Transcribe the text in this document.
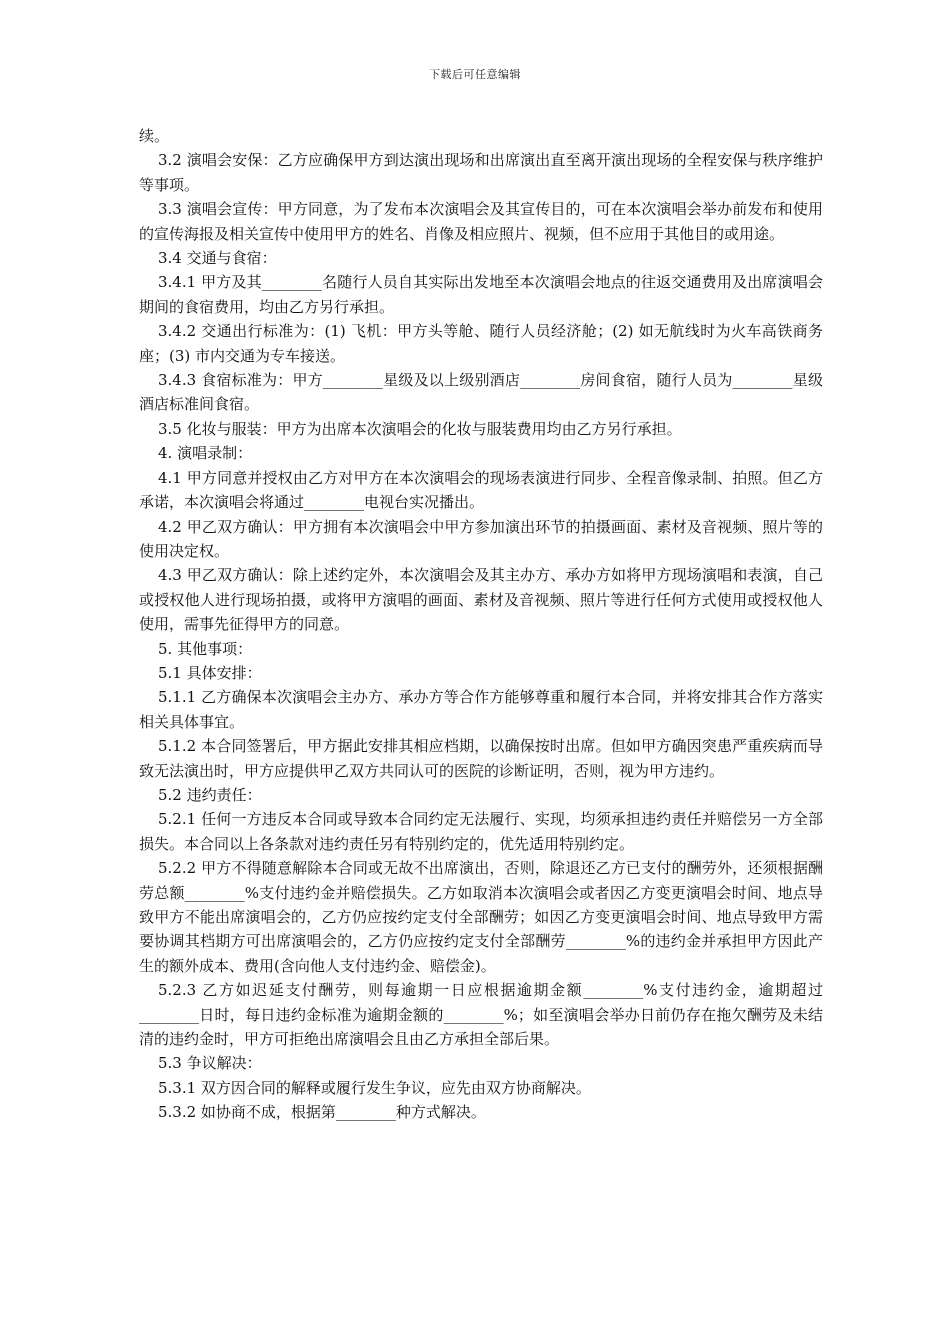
下载后可任意编辑

续。

3.2 演唱会安保：乙方应确保甲方到达演出现场和出席演出直至离开演出现场的全程安保与秩序维护等事项。

3.3 演唱会宣传：甲方同意，为了发布本次演唱会及其宣传目的，可在本次演唱会举办前发布和使用的宣传海报及相关宣传中使用甲方的姓名、肖像及相应照片、视频，但不应用于其他目的或用途。

3.4 交通与食宿：

3.4.1 甲方及其________名随行人员自其实际出发地至本次演唱会地点的往返交通费用及出席演唱会期间的食宿费用，均由乙方另行承担。

3.4.2 交通出行标准为：(1) 飞机：甲方头等舱、随行人员经济舱；(2) 如无航线时为火车高铁商务座；(3) 市内交通为专车接送。

3.4.3 食宿标准为：甲方________星级及以上级别酒店________房间食宿，随行人员为________星级酒店标准间食宿。

3.5 化妆与服装：甲方为出席本次演唱会的化妆与服装费用均由乙方另行承担。

4. 演唱录制：

4.1 甲方同意并授权由乙方对甲方在本次演唱会的现场表演进行同步、全程音像录制、拍照。但乙方承诺，本次演唱会将通过________电视台实况播出。

4.2 甲乙双方确认：甲方拥有本次演唱会中甲方参加演出环节的拍摄画面、素材及音视频、照片等的使用决定权。

4.3 甲乙双方确认：除上述约定外，本次演唱会及其主办方、承办方如将甲方现场演唱和表演，自己或授权他人进行现场拍摄，或将甲方演唱的画面、素材及音视频、照片等进行任何方式使用或授权他人使用，需事先征得甲方的同意。

5. 其他事项：

5.1 具体安排：

5.1.1 乙方确保本次演唱会主办方、承办方等合作方能够尊重和履行本合同，并将安排其合作方落实相关具体事宜。

5.1.2 本合同签署后，甲方据此安排其相应档期，以确保按时出席。但如甲方确因突患严重疾病而导致无法演出时，甲方应提供甲乙双方共同认可的医院的诊断证明，否则，视为甲方违约。

5.2 违约责任：

5.2.1 任何一方违反本合同或导致本合同约定无法履行、实现，均须承担违约责任并赔偿另一方全部损失。本合同以上各条款对违约责任另有特别约定的，优先适用特别约定。

5.2.2 甲方不得随意解除本合同或无故不出席演出，否则，除退还乙方已支付的酬劳外，还须根据酬劳总额________%支付违约金并赔偿损失。乙方如取消本次演唱会或者因乙方变更演唱会时间、地点导致甲方不能出席演唱会的，乙方仍应按约定支付全部酬劳；如因乙方变更演唱会时间、地点导致甲方需要协调其档期方可出席演唱会的，乙方仍应按约定支付全部酬劳________%的违约金并承担甲方因此产生的额外成本、费用(含向他人支付违约金、赔偿金)。

5.2.3 乙方如迟延支付酬劳，则每逾期一日应根据逾期金额________%支付违约金，逾期超过________日时，每日违约金标准为逾期金额的________%；如至演唱会举办日前仍存在拖欠酬劳及未结清的违约金时，甲方可拒绝出席演唱会且由乙方承担全部后果。

5.3 争议解决：

5.3.1 双方因合同的解释或履行发生争议，应先由双方协商解决。

5.3.2 如协商不成，根据第________种方式解决。
